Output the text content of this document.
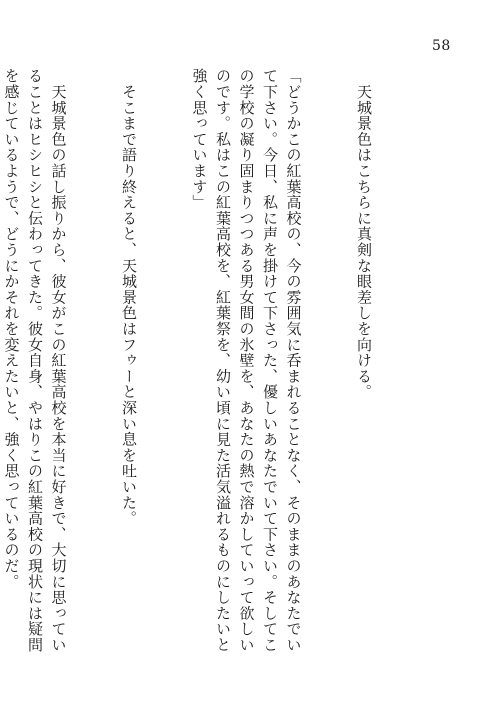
58

　天城景色はこちらに真剣な眼差しを向ける。

「どうかこの紅葉高校の、今の雰囲気に呑まれることなく、そのままのあなたでいて下さい。今日、私に声を掛けて下さった、優しいあなたでいて下さい。そしてこの学校の凝り固まりつつある男女間の氷壁を、あなたの熱で溶かしていって欲しいのです。私はこの紅葉高校を、紅葉祭を、幼い頃に見た活気溢れるものにしたいと強く思っています」

　そこまで語り終えると、天城景色はフゥーと深い息を吐いた。

　天城景色の話し振りから、彼女がこの紅葉高校を本当に好きで、大切に思っていることはヒシヒシと伝わってきた。彼女自身、やはりこの紅葉高校の現状には疑問を感じているようで、どうにかそれを変えたいと、強く思っているのだ。
